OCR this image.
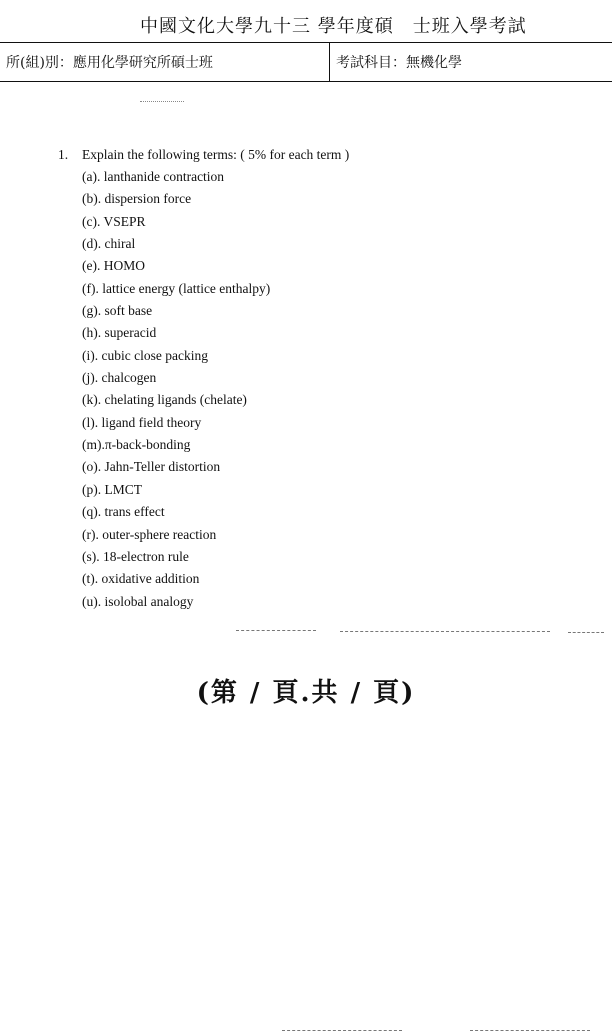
中國文化大學九十三 學年度碩　士班入學考試
所(組)別：應用化學研究所碩士班	考試科目：無機化學
1. Explain the following terms: ( 5% for each term )
(a). lanthanide contraction
(b). dispersion force
(c). VSEPR
(d). chiral
(e). HOMO
(f). lattice energy (lattice enthalpy)
(g). soft base
(h). superacid
(i). cubic close packing
(j). chalcogen
(k). chelating ligands (chelate)
(l). ligand field theory
(m).π-back-bonding
(o). Jahn-Teller distortion
(p). LMCT
(q). trans effect
(r). outer-sphere reaction
(s). 18-electron rule
(t). oxidative addition
(u). isolobal analogy
(第 / 頁.共 / 頁)
